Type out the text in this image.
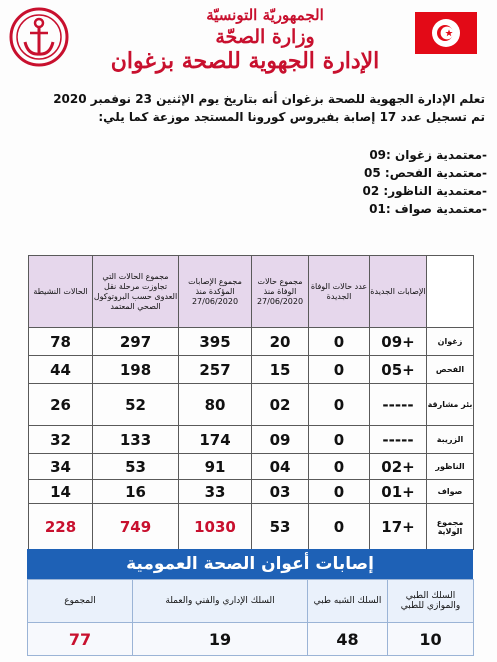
الجمهوريّة التونسيّة
وزارة الصحّة
الإدارة الجهوية للصحة بزغوان
تعلم الإدارة الجهوية للصحة بزغوان أنه بتاريخ يوم الإثنين 23 نوفمبر 2020
تم تسجيل عدد 17 إصابة بفيروس كورونا المستجد موزعة كما يلي:
-معتمدية زغوان :09
-معتمدية الفحص: 05
-معتمدية الناظور: 02
-معتمدية صواف :01
	الإصابات الجديدة	عدد حالات الوفاة الجديدة	مجموع حالات الوفاة منذ 27/06/2020	مجموع الإصابات المؤكدة منذ 27/06/2020	مجموع الحالات التي تجاوزت مرحلة نقل العدوى حسب البروتوكول الصحي المعتمد	الحالات النشيطة
زغوان	+09	0	20	395	297	78
الفحص	+05	0	15	257	198	44
بئر مشارقة	-----	0	02	80	52	26
الزريبة	-----	0	09	174	133	32
الناظور	+02	0	04	91	53	34
صواف	+01	0	03	33	16	14
مجموع الولاية	+17	0	53	1030	749	228
إصابات أعوان الصحة العمومية
السلك الطبي والموازي للطبي	السلك الشبه طبي	السلك الإداري والفني والعملة	المجموع
10	48	19	77
